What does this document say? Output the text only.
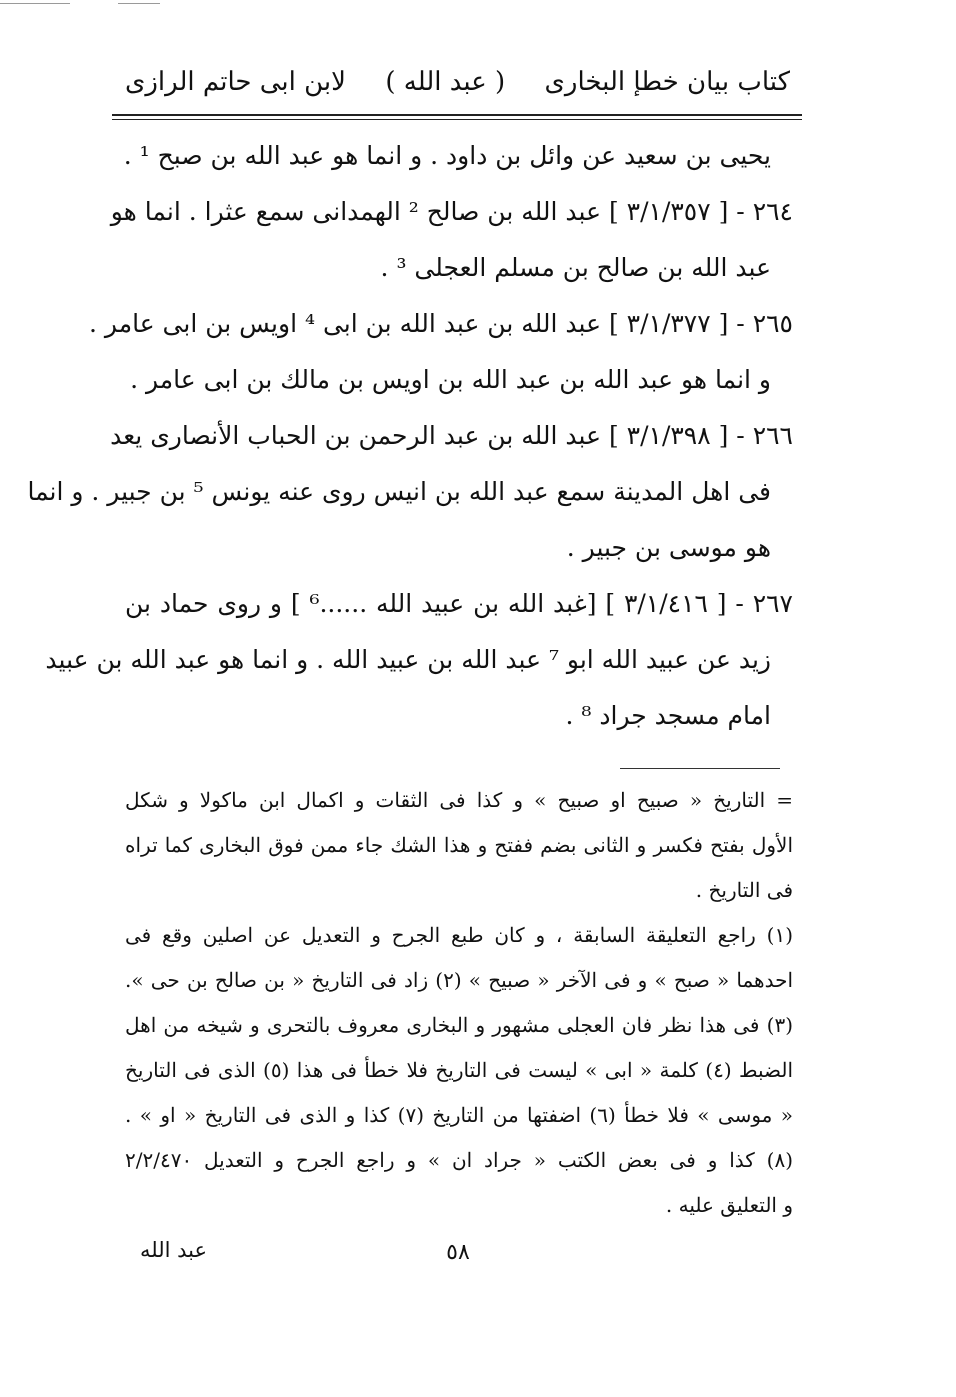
كتاب بيان خطإ البخارى
( عبد الله )
لابن ابى حاتم الرازى
يحيى بن سعيد عن وائل بن داود . و انما هو عبد الله بن صبح ¹ .
٢٦٤ - [ ٣/١/٣٥٧ ] عبد الله بن صالح ² الهمدانى سمع عثرا . انما هو
عبد الله بن صالح بن مسلم العجلى ³ .
٢٦٥ - [ ٣/١/٣٧٧ ] عبد الله بن عبد الله بن ابى ⁴ اويس بن ابى عامر .
و انما هو عبد الله بن عبد الله بن اويس بن مالك بن ابى عامر .
٢٦٦ - [ ٣/١/٣٩٨ ] عبد الله بن عبد الرحمن بن الحباب الأنصارى يعد
فى اهل المدينة سمع عبد الله بن انيس روى عنه يونس ⁵ بن جبير . و انما
هو موسى بن جبير .
٢٦٧ - [ ٣/١/٤١٦ ] [غبد الله بن عبيد الله ......⁶ ] و روى حماد بن
زيد عن عبيد الله ابو ⁷ عبد الله بن عبيد الله . و انما هو عبد الله بن عبيد
امام مسجد جراد ⁸ .
= التاريخ « صبيح او صبيح » و كذا فى الثقات و اكمال ابن ماكولا و شكل
الأول بفتح فكسر و الثانى بضم ففتح و هذا الشك جاء ممن فوق البخارى كما تراه
فى التاريخ .
(١) راجع التعليقة السابقة ، و كان طبع الجرح و التعديل عن اصلين وقع فى
احدهما « صبح » و فى الآخر « صبيح » (٢) زاد فى التاريخ « بن صالح بن حى ».
(٣) فى هذا نظر فان العجلى مشهور و البخارى معروف بالتحرى و شيخه من اهل
الضبط (٤) كلمة « ابى » ليست فى التاريخ فلا خطأ فى هذا (٥) الذى فى التاريخ
« موسى » فلا خطأ (٦) اضفتها من التاريخ (٧) كذا و الذى فى التاريخ « او » .
(٨) كذا و فى بعض الكتب « جراد ان » و راجع الجرح و التعديل ٢/٢/٤٧٠
و التعليق عليه .
٥٨
عبد الله
